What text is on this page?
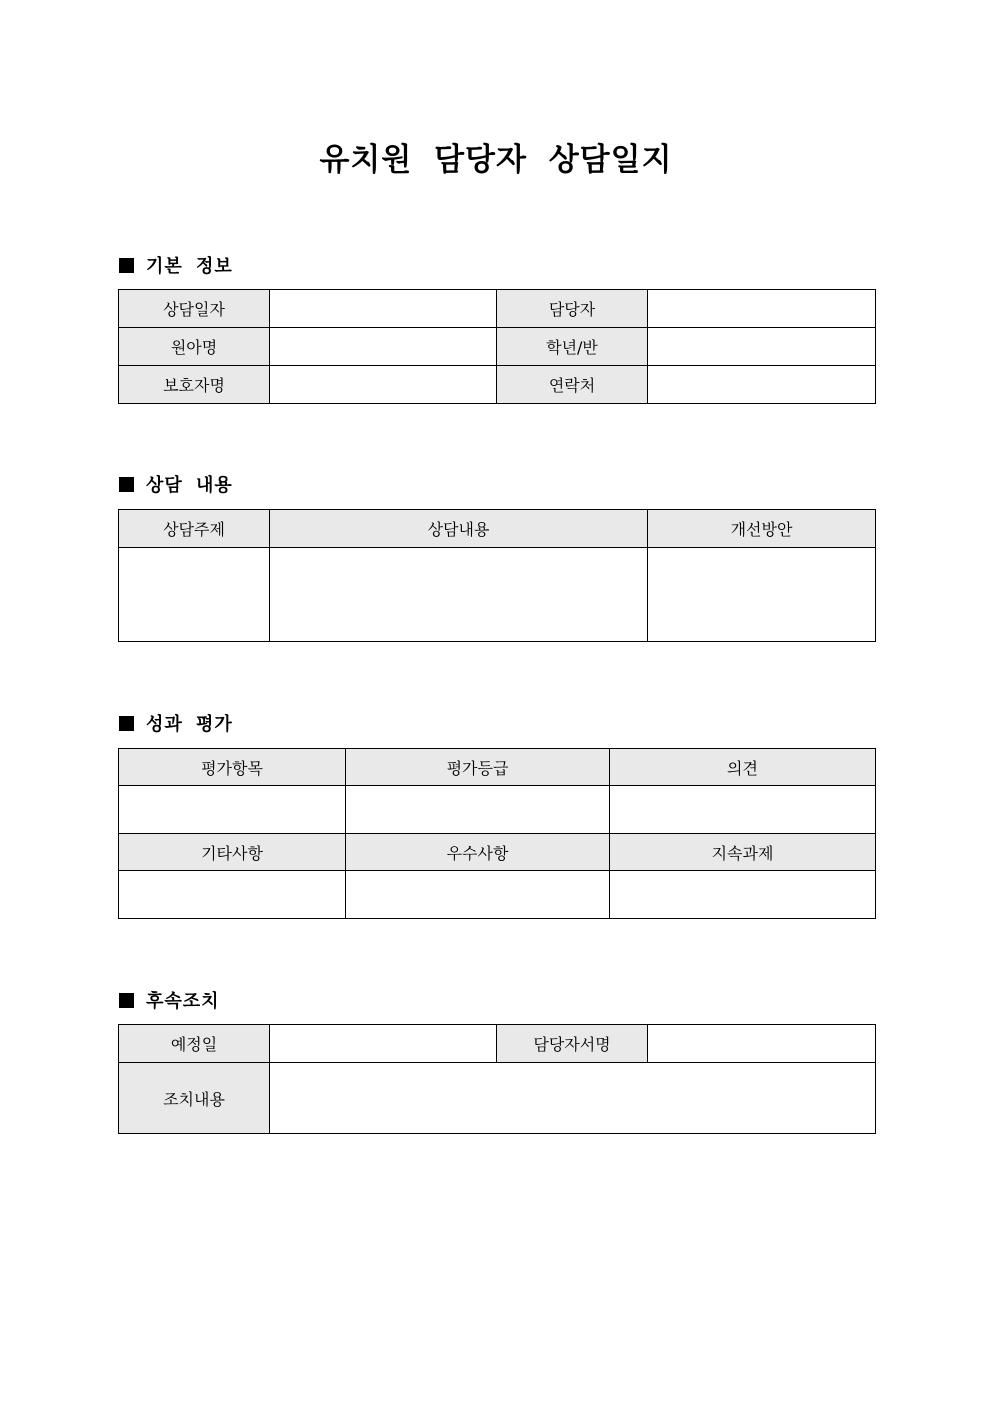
유치원 담당자 상담일지
기본 정보
상담일자		담당자	
원아명		학년/반	
보호자명		연락처	
상담 내용
상담주제	상담내용	개선방안

성과 평가
평가항목	평가등급	의견

기타사항	우수사항	지속과제

후속조치
예정일		담당자서명	
조치내용			
